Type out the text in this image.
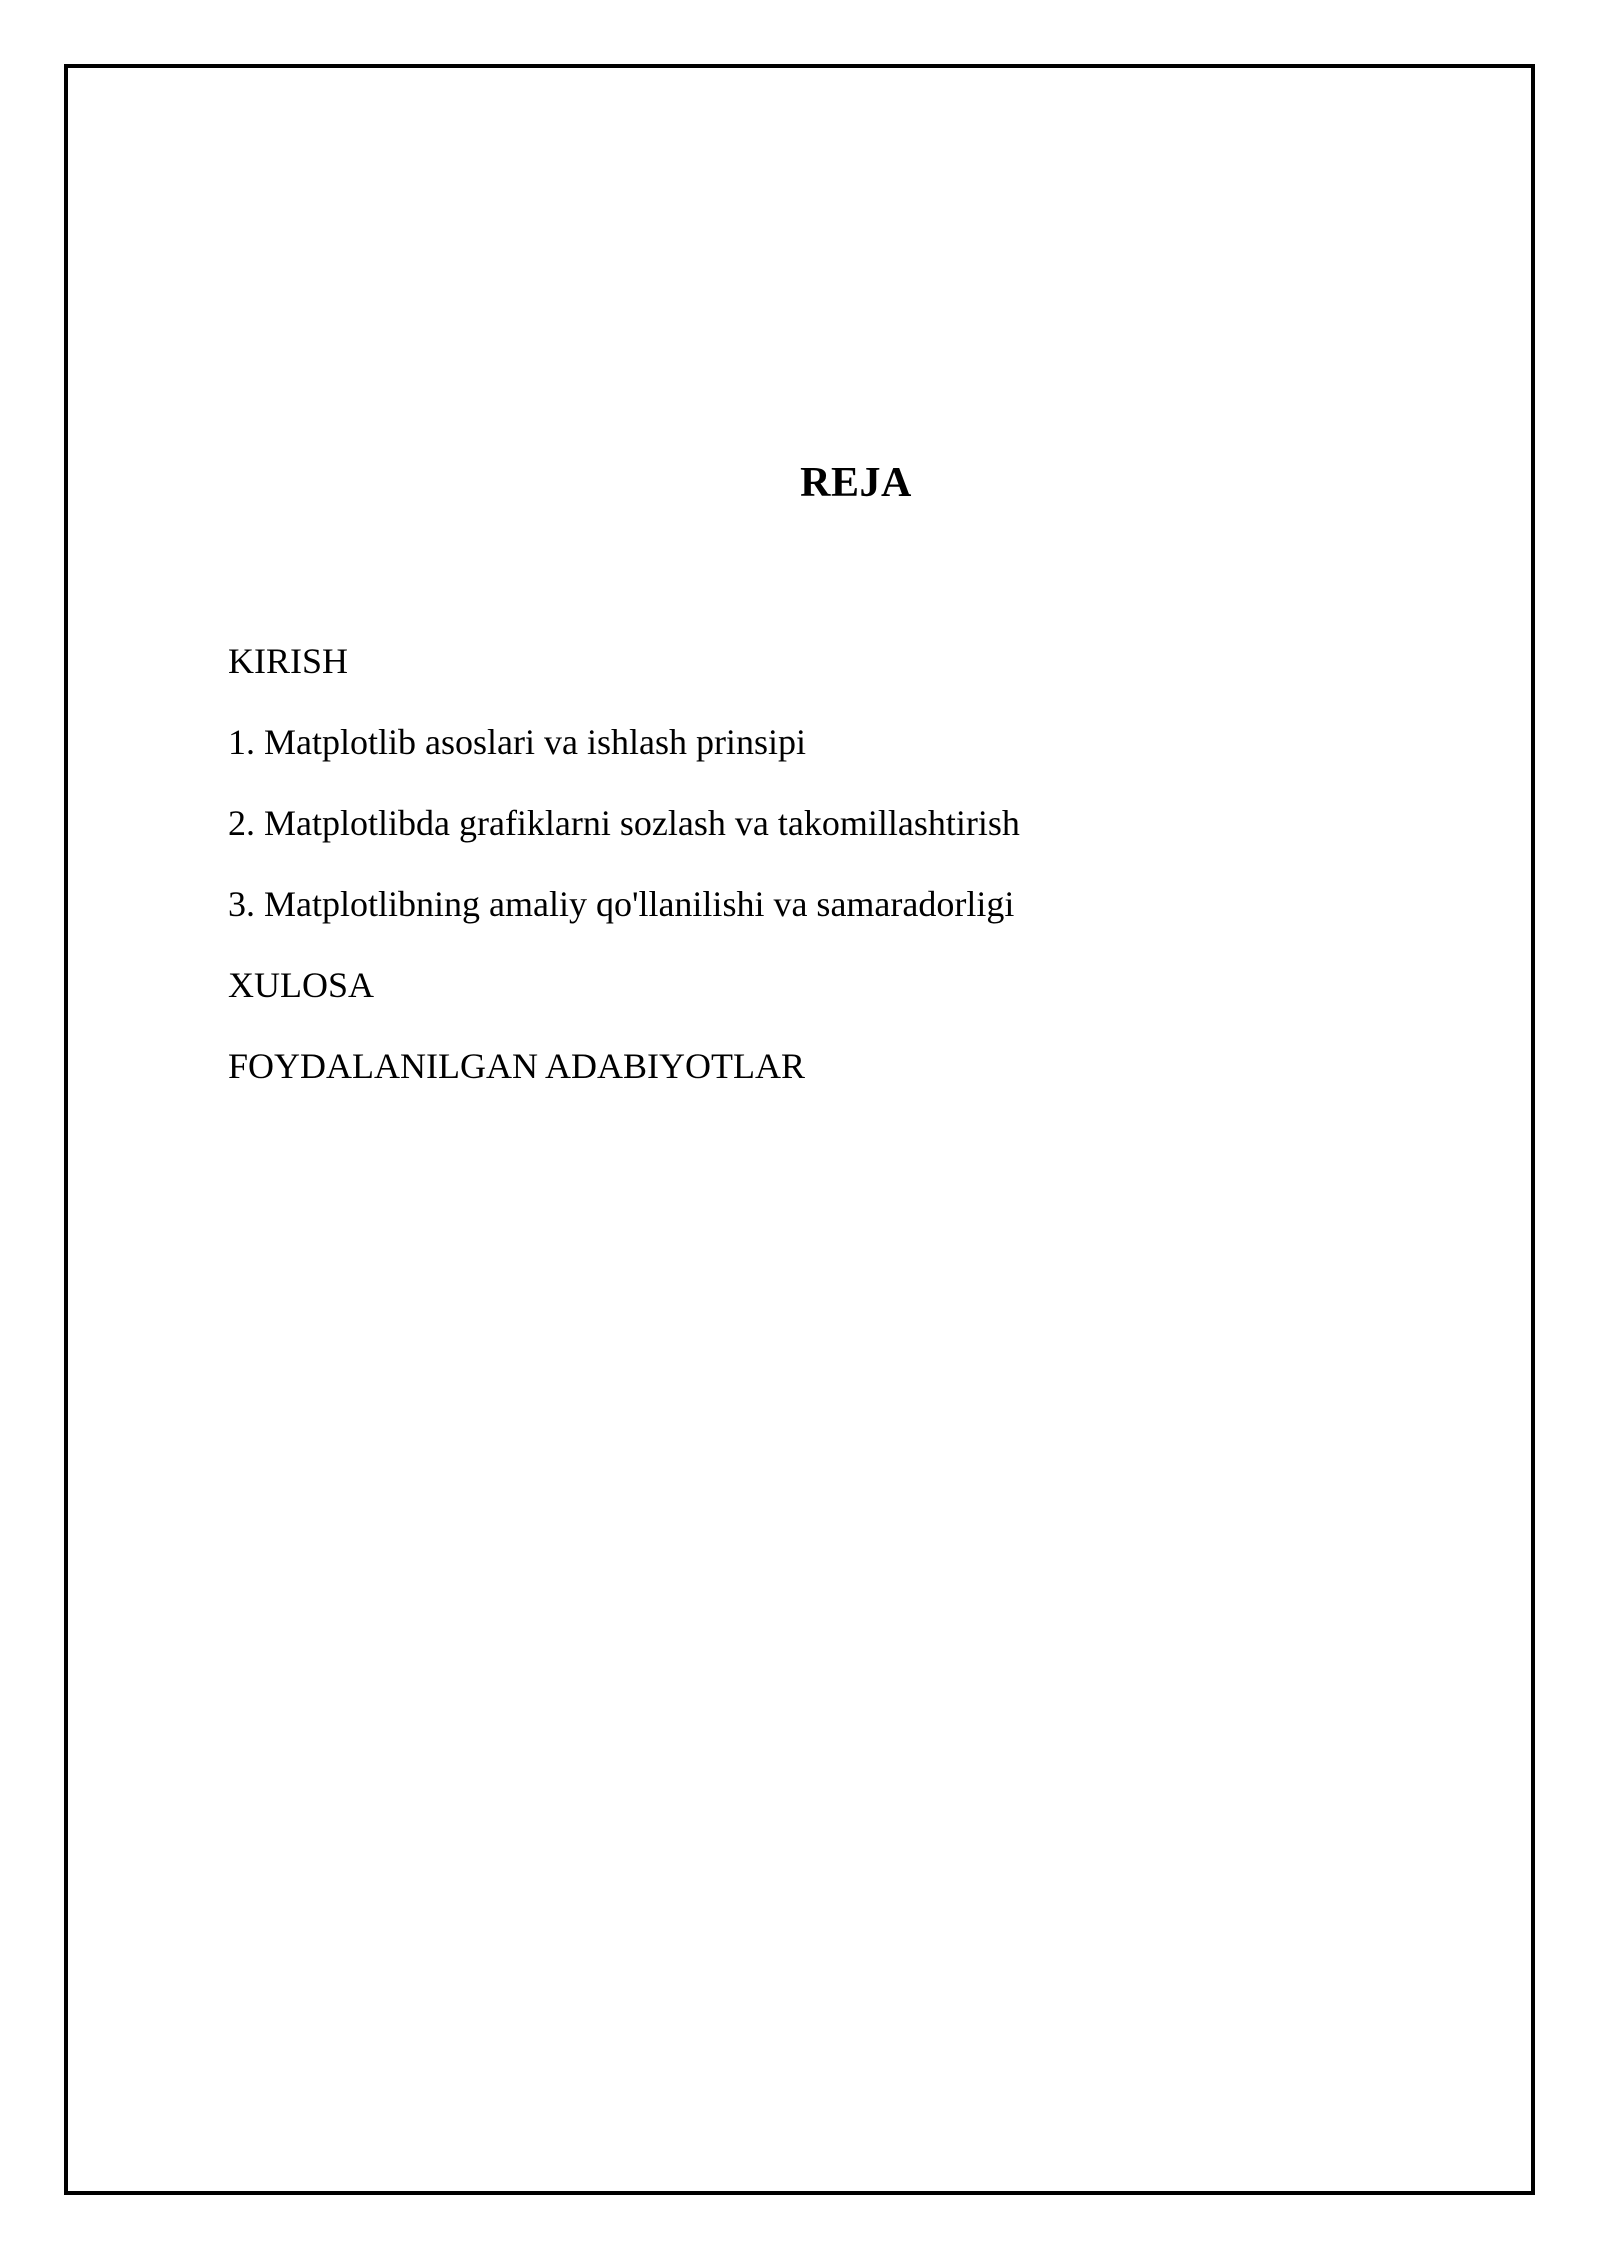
REJA
KIRISH
1. Matplotlib asoslari va ishlash prinsipi
2. Matplotlibda grafiklarni sozlash va takomillashtirish
3. Matplotlibning amaliy qo'llanilishi va samaradorligi
XULOSA
FOYDALANILGAN ADABIYOTLAR
